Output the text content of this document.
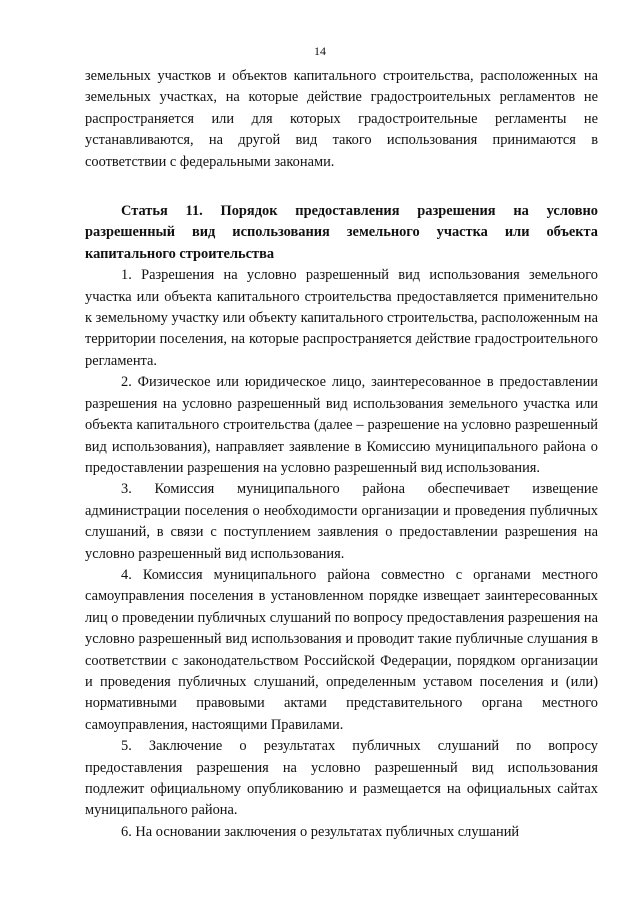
14

земельных участков и объектов капитального строительства, расположенных на земельных участках, на которые действие градостроительных регламентов не распространяется или для которых градостроительные регламенты не устанавливаются, на другой вид такого использования принимаются в соответствии с федеральными законами.

Статья 11. Порядок предоставления разрешения на условно разрешенный вид использования земельного участка или объекта капитального строительства

1. Разрешения на условно разрешенный вид использования земельного участка или объекта капитального строительства предоставляется применительно к земельному участку или объекту капитального строительства, расположенным на территории поселения, на которые распространяется действие градостроительного регламента.

2. Физическое или юридическое лицо, заинтересованное в предоставлении разрешения на условно разрешенный вид использования земельного участка или объекта капитального строительства (далее – разрешение на условно разрешенный вид использования), направляет заявление в Комиссию муниципального района о предоставлении разрешения на условно разрешенный вид использования.

3. Комиссия муниципального района обеспечивает извещение администрации поселения о необходимости организации и проведения публичных слушаний, в связи с поступлением заявления о предоставлении разрешения на условно разрешенный вид использования.

4. Комиссия муниципального района совместно с органами местного самоуправления поселения в установленном порядке извещает заинтересованных лиц о проведении публичных слушаний по вопросу предоставления разрешения на условно разрешенный вид использования и проводит такие публичные слушания в соответствии с законодательством Российской Федерации, порядком организации и проведения публичных слушаний, определенным уставом поселения и (или) нормативными правовыми актами представительного органа местного самоуправления, настоящими Правилами.

5. Заключение о результатах публичных слушаний по вопросу предоставления разрешения на условно разрешенный вид использования подлежит официальному опубликованию и размещается на официальных сайтах муниципального района.

6. На основании заключения о результатах публичных слушаний
